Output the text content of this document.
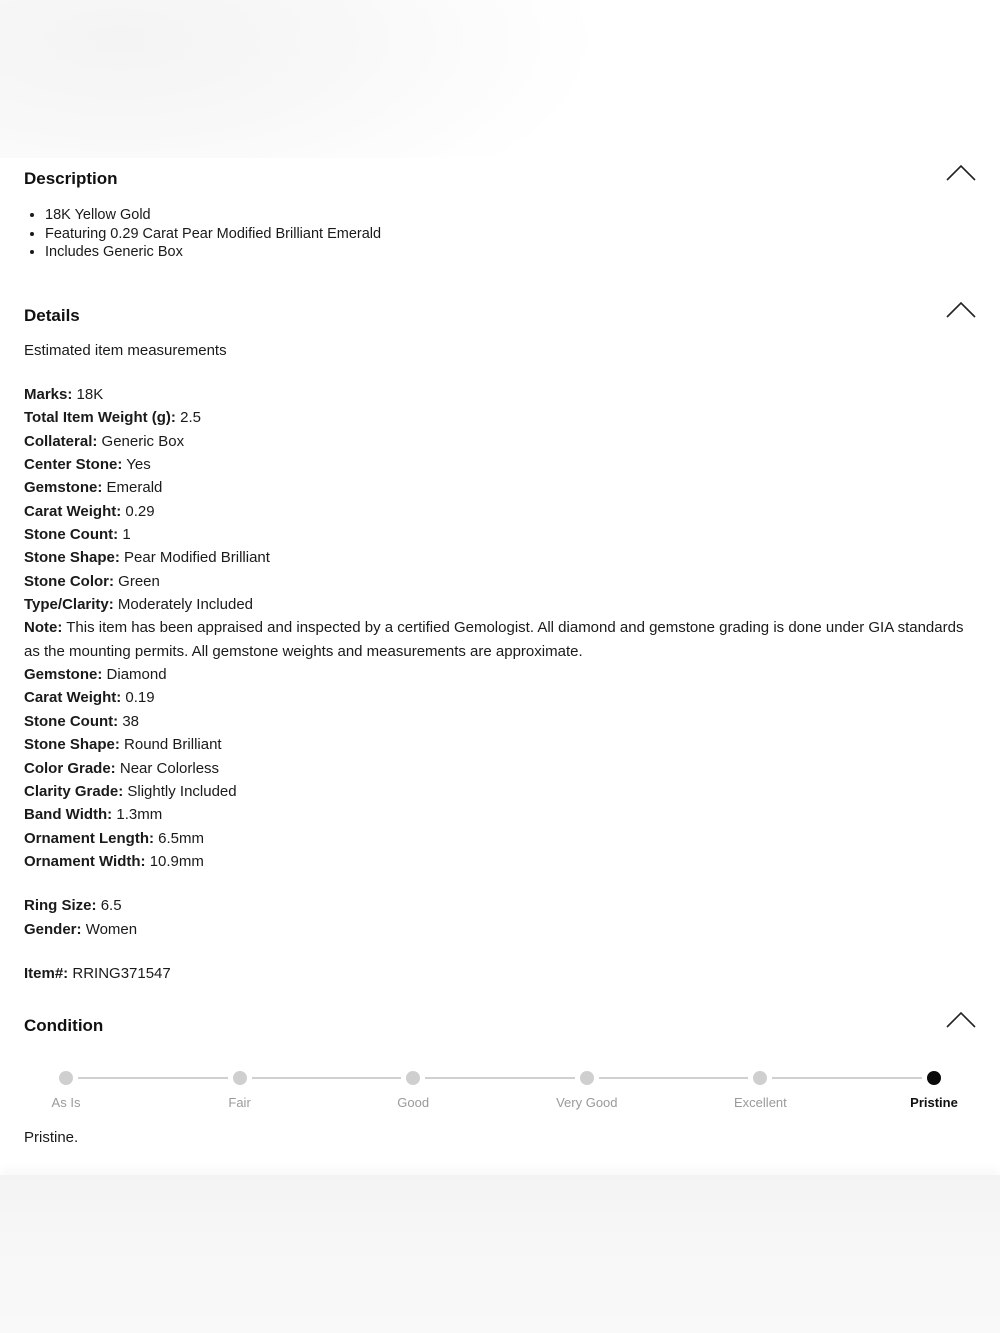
Description
• 18K Yellow Gold
• Featuring 0.29 Carat Pear Modified Brilliant Emerald
• Includes Generic Box
Details
Estimated item measurements
Marks: 18K
Total Item Weight (g): 2.5
Collateral: Generic Box
Center Stone: Yes
Gemstone: Emerald
Carat Weight: 0.29
Stone Count: 1
Stone Shape: Pear Modified Brilliant
Stone Color: Green
Type/Clarity: Moderately Included
Note: This item has been appraised and inspected by a certified Gemologist. All diamond and gemstone grading is done under GIA standards as the mounting permits. All gemstone weights and measurements are approximate.
Gemstone: Diamond
Carat Weight: 0.19
Stone Count: 38
Stone Shape: Round Brilliant
Color Grade: Near Colorless
Clarity Grade: Slightly Included
Band Width: 1.3mm
Ornament Length: 6.5mm
Ornament Width: 10.9mm
Ring Size: 6.5
Gender: Women
Item#: RRING371547
Condition
As Is	Fair	Good	Very Good	Excellent	Pristine
Pristine.
